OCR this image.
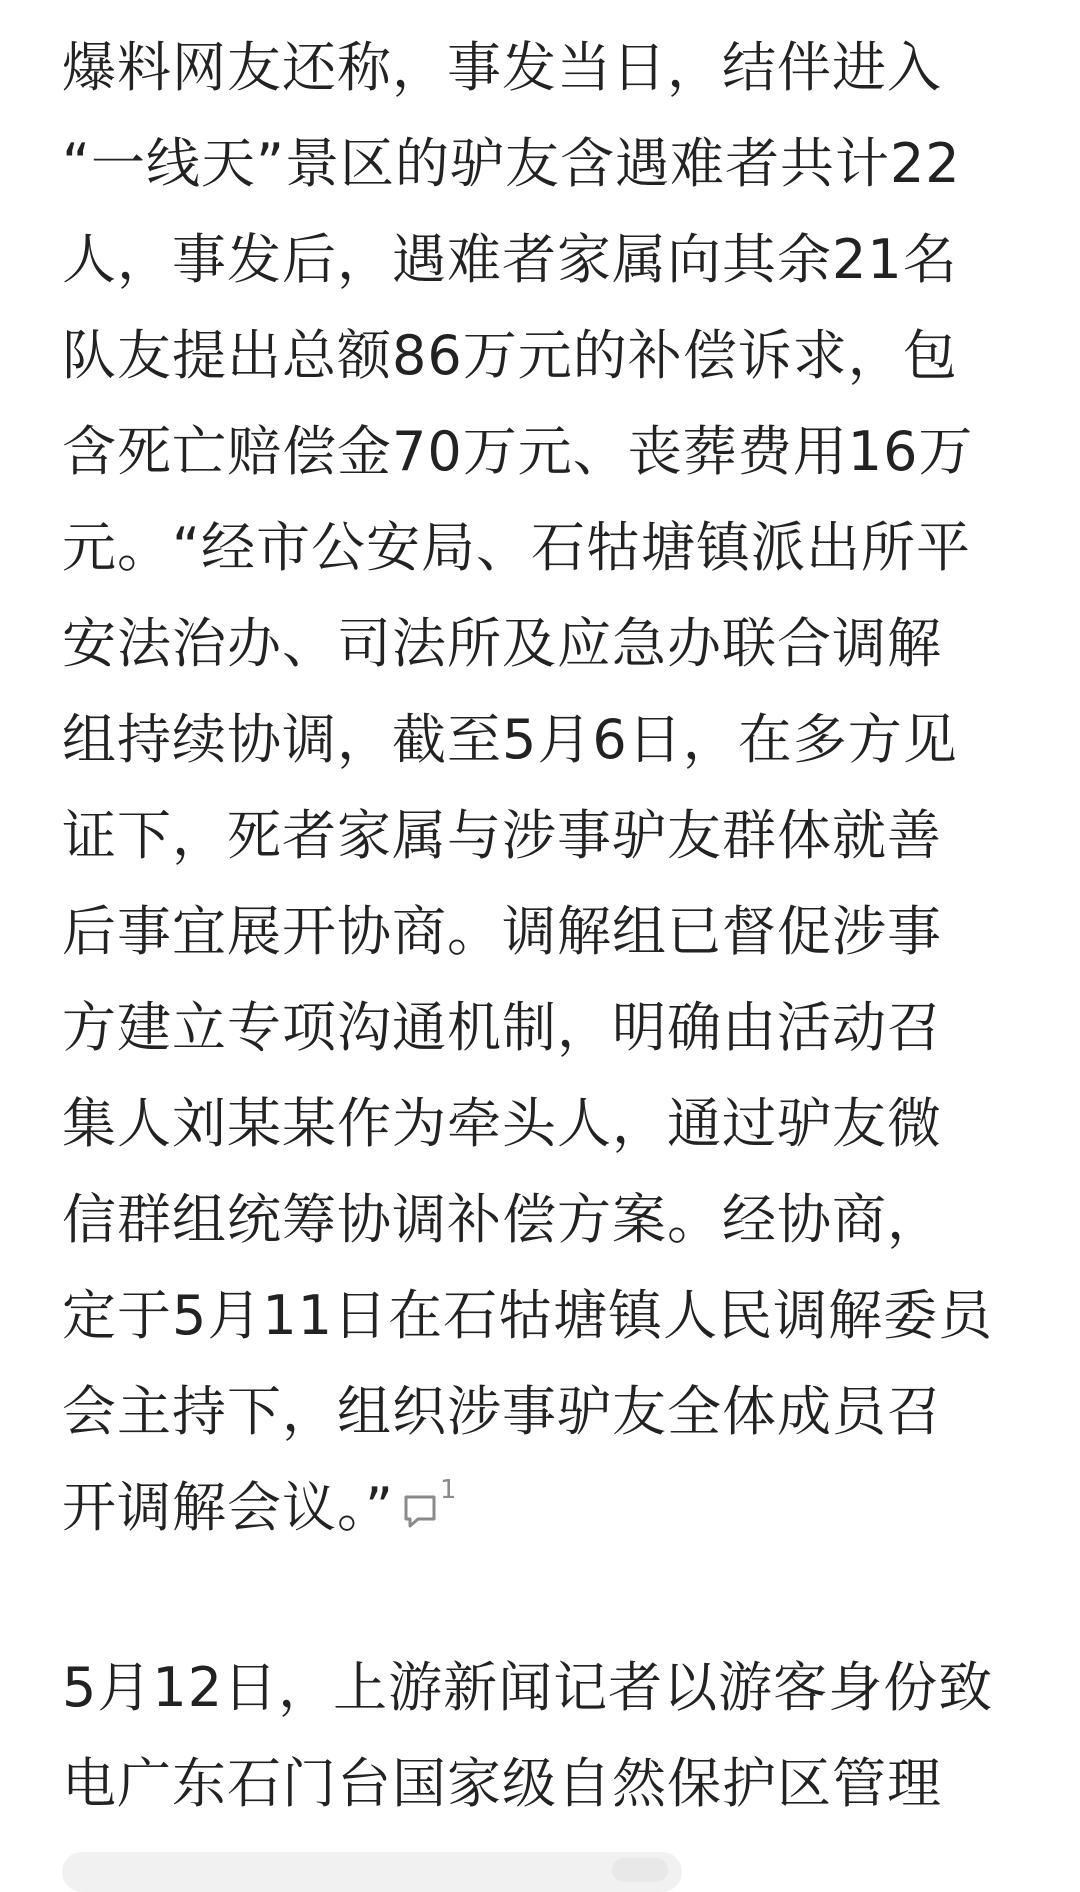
爆料网友还称，事发当日，结伴进入
“一线天”景区的驴友含遇难者共计22
人，事发后，遇难者家属向其余21名
队友提出总额86万元的补偿诉求，包
含死亡赔偿金70万元、丧葬费用16万
元。“经市公安局、石牯塘镇派出所平
安法治办、司法所及应急办联合调解
组持续协调，截至5月6日，在多方见
证下，死者家属与涉事驴友群体就善
后事宜展开协商。调解组已督促涉事
方建立专项沟通机制，明确由活动召
集人刘某某作为牵头人，通过驴友微
信群组统筹协调补偿方案。经协商，
定于5月11日在石牯塘镇人民调解委员
会主持下，组织涉事驴友全体成员召
开调解会议。” 1

5月12日，上游新闻记者以游客身份致
电广东石门台国家级自然保护区管理
